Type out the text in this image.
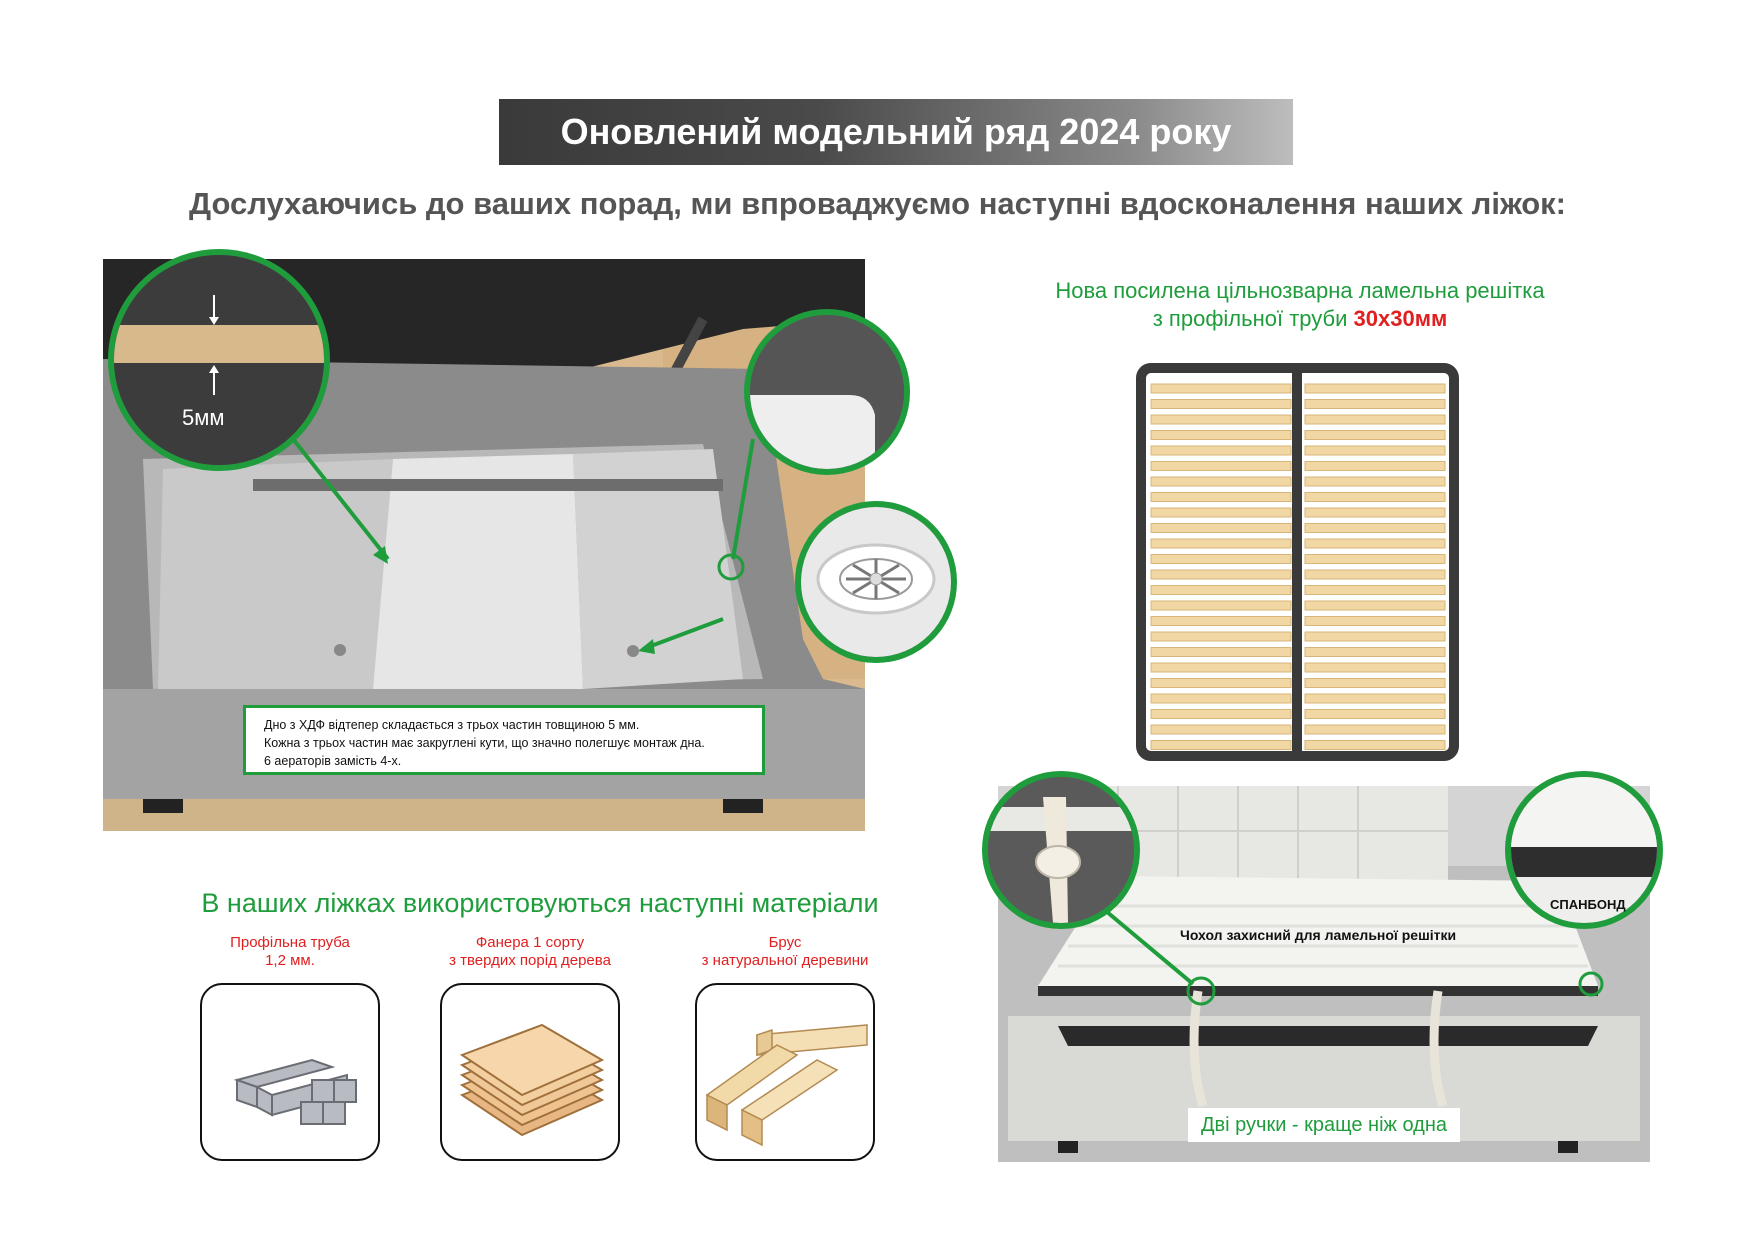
Оновлений модельний ряд 2024 року
Дослухаючись до ваших порад, ми впроваджуємо наступні вдосконалення наших ліжок:
5мм
Дно з ХДФ відтепер складається з трьох частин товщиною 5 мм.
Кожна з трьох частин має закруглені кути, що значно полегшує монтаж дна.
6 аераторів замість 4-х.
Нова посилена цільнозварна ламельна решітка
з профільної труби 30х30мм
В наших ліжках використовуються наступні матеріали
Профільна труба
1,2 мм.
Фанера 1 сорту
з твердих порід дерева
Брус
з натуральної деревини
Чохол захисний для ламельної решітки
СПАНБОНД
Дві ручки - краще ніж одна
